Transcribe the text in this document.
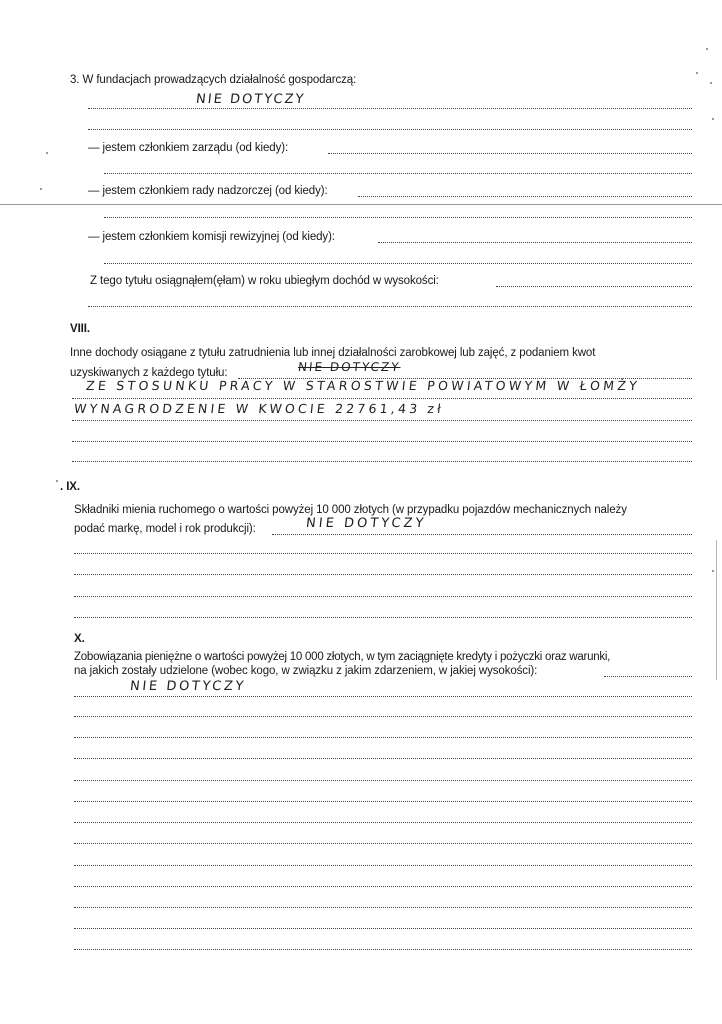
3. W fundacjach prowadzących działalność gospodarczą:
NIE DOTYCZY
— jestem członkiem zarządu (od kiedy):
— jestem członkiem rady nadzorczej (od kiedy):
— jestem członkiem komisji rewizyjnej (od kiedy):
Z tego tytułu osiągnąłem(ęłam) w roku ubiegłym dochód w wysokości:
VIII.
Inne dochody osiągane z tytułu zatrudnienia lub innej działalności zarobkowej lub zajęć, z podaniem kwot
uzyskiwanych z każdego tytułu:	NIE DOTYCZY
ZE STOSUNKU PRACY W STAROSTWIE POWIATOWYM W ŁOMŻY
WYNAGRODZENIE W KWOCIE 22761,43 zł
. IX.
Składniki mienia ruchomego o wartości powyżej 10 000 złotych (w przypadku pojazdów mechanicznych należy
podać markę, model i rok produkcji):	NIE DOTYCZY
X.
Zobowiązania pieniężne o wartości powyżej 10 000 złotych, w tym zaciągnięte kredyty i pożyczki oraz warunki,
na jakich zostały udzielone (wobec kogo, w związku z jakim zdarzeniem, w jakiej wysokości):
NIE DOTYCZY
